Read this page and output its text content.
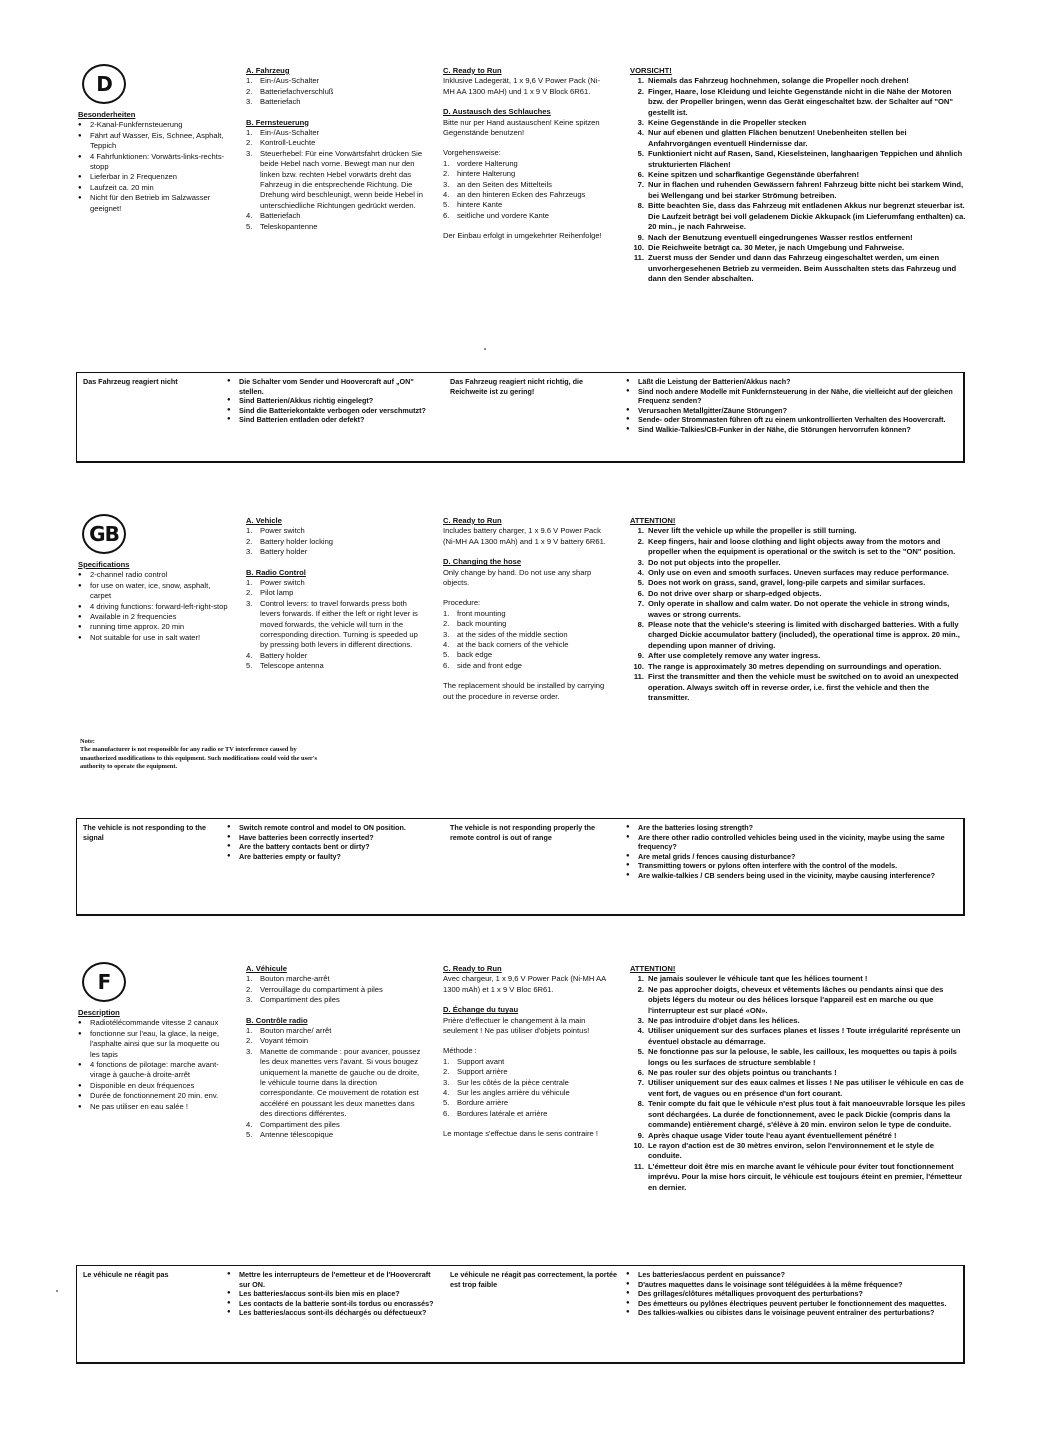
D
Besonderheiten
● 2-Kanal-Funkfernsteuerung
● Fährt auf Wasser, Eis, Schnee, Asphalt, Teppich
● 4 Fahrfunktionen: Vorwärts-links-rechts-stopp
● Lieferbar in 2 Frequenzen
● Laufzeit ca. 20 min
● Nicht für den Betrieb im Salzwasser geeignet!
A. Fahrzeug
1. Ein-/Aus-Schalter
2. Batteriefachverschluß
3. Batteriefach
B. Fernsteuerung
1. Ein-/Aus-Schalter
2. Kontroll-Leuchte
3. Steuerhebel: Für eine Vorwärtsfahrt drücken Sie beide Hebel nach vorne. Bewegt man nur den linken bzw. rechten Hebel vorwärts dreht das Fahrzeug in die entsprechende Richtung. Die Drehung wird beschleunigt, wenn beide Hebel in unterschiedliche Richtungen gedrückt werden.
4. Batteriefach
5. Teleskopantenne
C. Ready to Run
Inklusive Ladegerät, 1 x 9,6 V Power Pack (Ni-MH AA 1300 mAH) und 1 x 9 V Block 6R61.
D. Austausch des Schlauches
Bitte nur per Hand austauschen! Keine spitzen Gegenstände benutzen!
Vorgehensweise:
1. vordere Halterung
2. hintere Halterung
3. an den Seiten des Mittelteils
4. an den hinteren Ecken des Fahrzeugs
5. hintere Kante
6. seitliche und vordere Kante
Der Einbau erfolgt in umgekehrter Reihenfolge!
VORSICHT!
1. Niemals das Fahrzeug hochnehmen, solange die Propeller noch drehen!
2. Finger, Haare, lose Kleidung und leichte Gegenstände nicht in die Nähe der Motoren bzw. der Propeller bringen, wenn das Gerät eingeschaltet bzw. der Schalter auf "ON" gestellt ist.
3. Keine Gegenstände in die Propeller stecken
4. Nur auf ebenen und glatten Flächen benutzen! Unebenheiten stellen bei Anfahrvorgängen eventuell Hindernisse dar.
5. Funktioniert nicht auf Rasen, Sand, Kieselsteinen, langhaarigen Teppichen und ähnlich strukturierten Flächen!
6. Keine spitzen und scharfkantige Gegenstände überfahren!
7. Nur in flachen und ruhenden Gewässern fahren! Fahrzeug bitte nicht bei starkem Wind, bei Wellengang und bei starker Strömung betreiben.
8. Bitte beachten Sie, dass das Fahrzeug mit entladenen Akkus nur begrenzt steuerbar ist. Die Laufzeit beträgt bei voll geladenem Dickie Akkupack (im Lieferumfang enthalten) ca. 20 min., je nach Fahrweise.
9. Nach der Benutzung eventuell eingedrungenes Wasser restlos entfernen!
10. Die Reichweite beträgt ca. 30 Meter, je nach Umgebung und Fahrweise.
11. Zuerst muss der Sender und dann das Fahrzeug eingeschaltet werden, um einen unvorhergesehenen Betrieb zu vermeiden. Beim Ausschalten stets das Fahrzeug und dann den Sender abschalten.
Das Fahrzeug reagiert nicht	● Die Schalter vom Sender und Hoovercraft auf „ON" stellen.
● Sind Batterien/Akkus richtig eingelegt?
● Sind die Batteriekontakte verbogen oder verschmutzt?
● Sind Batterien entladen oder defekt?
Das Fahrzeug reagiert nicht richtig, die Reichweite ist zu gering!
● Läßt die Leistung der Batterien/Akkus nach?
● Sind noch andere Modelle mit Funkfernsteuerung in der Nähe, die vielleicht auf der gleichen Frequenz senden?
● Verursachen Metallgitter/Zäune Störungen?
● Sende- oder Strommasten führen oft zu einem unkontrollierten Verhalten des Hoovercraft.
● Sind Walkie-Talkies/CB-Funker in der Nähe, die Störungen hervorrufen können?
GB
Specifications
● 2-channel radio control
● for use on water, ice, snow, asphalt, carpet
● 4 driving functions: forward-left-right-stop
● Available in 2 frequencies
● running time approx. 20 min
● Not suitable for use in salt water!
A. Vehicle
1. Power switch
2. Battery holder locking
3. Battery holder
B. Radio Control
1. Power switch
2. Pilot lamp
3. Control levers: to travel forwards press both levers forwards. If either the left or right lever is moved forwards, the vehicle will turn in the corresponding direction. Turning is speeded up by pressing both levers in different directions.
4. Battery holder
5. Telescope antenna
C. Ready to Run
Includes battery charger, 1 x 9.6 V Power Pack (Ni-MH AA 1300 mAh) and 1 x 9 V battery 6R61.
D. Changing the hose
Only change by hand. Do not use any sharp objects.
Procedure:
1. front mounting
2. back mounting
3. at the sides of the middle section
4. at the back corners of the vehicle
5. back edge
6. side and front edge
The replacement should be installed by carrying out the procedure in reverse order.
ATTENTION!
1. Never lift the vehicle up while the propeller is still turning.
2. Keep fingers, hair and loose clothing and light objects away from the motors and propeller when the equipment is operational or the switch is set to the "ON" position.
3. Do not put objects into the propeller.
4. Only use on even and smooth surfaces. Uneven surfaces may reduce performance.
5. Does not work on grass, sand, gravel, long-pile carpets and similar surfaces.
6. Do not drive over sharp or sharp-edged objects.
7. Only operate in shallow and calm water. Do not operate the vehicle in strong winds, waves or strong currents.
8. Please note that the vehicle's steering is limited with discharged batteries. With a fully charged Dickie accumulator battery (included), the operational time is approx. 20 min., depending upon manner of driving.
9. After use completely remove any water ingress.
10. The range is approximately 30 metres depending on surroundings and operation.
11. First the transmitter and then the vehicle must be switched on to avoid an unexpected operation. Always switch off in reverse order, i.e. first the vehicle and then the transmitter.
The vehicle is not responding to the signal
● Switch remote control and model to ON position.
● Have batteries been correctly inserted?
● Are the battery contacts bent or dirty?
● Are batteries empty or faulty?
The vehicle is not responding properly the remote control is out of range
● Are the batteries losing strength?
● Are there other radio controlled vehicles being used in the vicinity, maybe using the same frequency?
● Are metal grids / fences causing disturbance?
● Transmitting towers or pylons often interfere with the control of the models.
● Are walkie-talkies / CB senders being used in the vicinity, maybe causing interference?
Note:
The manufacturer is not responsible for any radio or TV interference caused by unauthorized modifications to this equipment. Such modifications could void the user's authority to operate the equipment.
F
Description
● Radiotélécommande vitesse 2 canaux
● fonctionne sur l'eau, la glace, la neige, l'asphalte ainsi que sur la moquette ou les tapis
● 4 fonctions de pilotage: marche avant-virage à gauche-à droite-arrêt
● Disponible en deux fréquences
● Durée de fonctionnement 20 min. env.
● Ne pas utiliser en eau salée !
A. Véhicule
1. Bouton marche-arrêt
2. Verrouillage du compartiment à piles
3. Compartiment des piles
B. Contrôle radio
1. Bouton marche/ arrêt
2. Voyant témoin
3. Manette de commande : pour avancer, poussez les deux manettes vers l'avant. Si vous bougez uniquement la manette de gauche ou de droite, le véhicule tourne dans la direction correspondante. Ce mouvement de rotation est accéléré en poussant les deux manettes dans des directions différentes.
4. Compartiment des piles
5. Antenne télescopique
C. Ready to Run
Avec chargeur, 1 x 9,6 V Power Pack (Ni-MH AA 1300 mAh) et 1 x 9 V Bloc 6R61.
D. Échange du tuyau
Prière d'effectuer le changement à la main seulement ! Ne pas utiliser d'objets pointus!
Méthode :
1. Support avant
2. Support arrière
3. Sur les côtés de la pièce centrale
4. Sur les angles arrière du véhicule
5. Bordure arrière
6. Bordures latérale et arrière
Le montage s'effectue dans le sens contraire !
ATTENTION!
1. Ne jamais soulever le véhicule tant que les hélices tournent !
2. Ne pas approcher doigts, cheveux et vêtements lâches ou pendants ainsi que des objets légers du moteur ou des hélices lorsque l'appareil est en marche ou que l'interrupteur est sur placé «ON».
3. Ne pas introduire d'objet dans les hélices.
4. Utiliser uniquement sur des surfaces planes et lisses ! Toute irrégularité représente un éventuel obstacle au démarrage.
5. Ne fonctionne pas sur la pelouse, le sable, les cailloux, les moquettes ou tapis à poils longs ou les surfaces de structure semblable !
6. Ne pas rouler sur des objets pointus ou tranchants !
7. Utiliser uniquement sur des eaux calmes et lisses ! Ne pas utiliser le véhicule en cas de vent fort, de vagues ou en présence d'un fort courant.
8. Tenir compte du fait que le véhicule n'est plus tout à fait manoeuvrable lorsque les piles sont déchargées. La durée de fonctionnement, avec le pack Dickie (compris dans la commande) entièrement chargé, s'élève à 20 min. environ selon le type de conduite.
9. Après chaque usage Vider toute l'eau ayant éventuellement pénétré !
10. Le rayon d'action est de 30 mètres environ, selon l'environnement et le style de conduite.
11. L'émetteur doit être mis en marche avant le véhicule pour éviter tout fonctionnement imprévu. Pour la mise hors circuit, le véhicule est toujours éteint en premier, l'émetteur en dernier.
Le véhicule ne réagit pas	● Mettre les interrupteurs de l'emetteur et de l'Hoovercraft sur ON.
● Les batteries/accus sont-ils bien mis en place?
● Les contacts de la batterie sont-ils tordus ou encrassés?
● Les batteries/accus sont-ils déchargés ou défectueux?
Le véhicule ne réagit pas correctement, la portée est trop faible
● Les batteries/accus perdent en puissance?
● D'autres maquettes dans le voisinage sont téléguidées à la même fréquence?
● Des grillages/clôtures métalliques provoquent des perturbations?
● Des émetteurs ou pylônes électriques peuvent pertuber le fonctionnement des maquettes.
● Des talkies-walkies ou cibistes dans le voisinage peuvent entraîner des perturbations?
